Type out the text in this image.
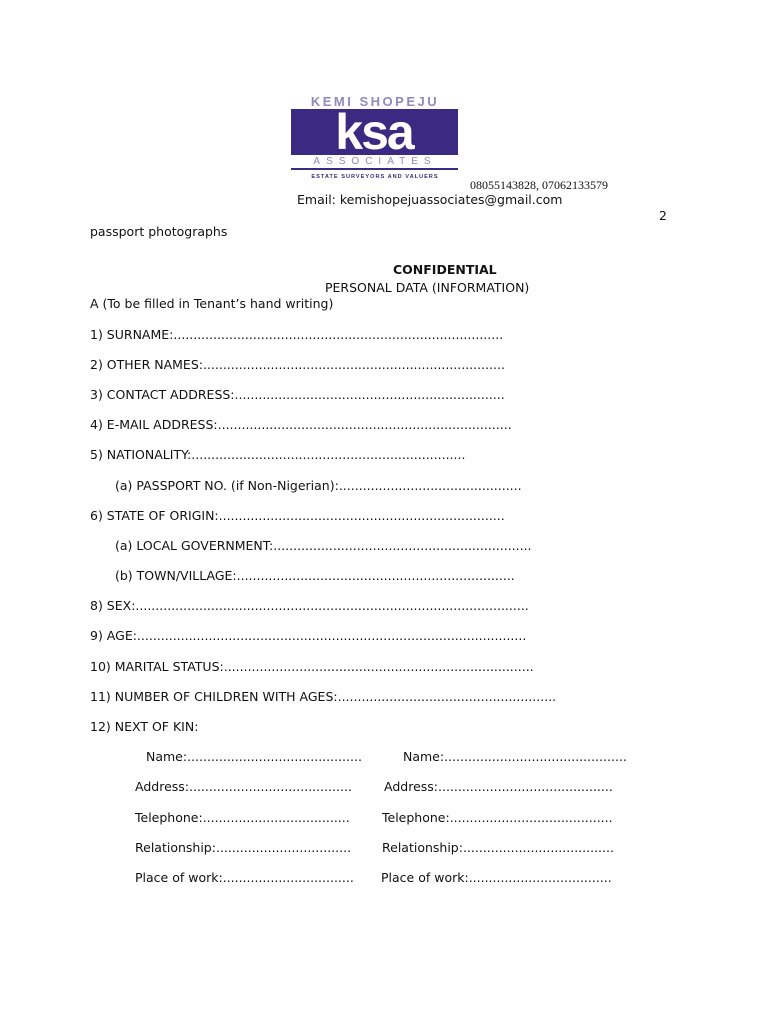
KEMI SHOPEJU
ksa
ASSOCIATES
ESTATE SURVEYORS AND VALUERS
08055143828, 07062133579
Email: kemishopejuassociates@gmail.com
2
passport photographs
CONFIDENTIAL
PERSONAL DATA (INFORMATION)
A (To be filled in Tenant’s hand writing)
1) SURNAME:...................................................................................
2) OTHER NAMES:............................................................................
3) CONTACT ADDRESS:....................................................................
4) E-MAIL ADDRESS:..........................................................................
5) NATIONALITY:.....................................................................
(a) PASSPORT NO. (if Non-Nigerian):..............................................
6) STATE OF ORIGIN:........................................................................
(a) LOCAL GOVERNMENT:.................................................................
(b) TOWN/VILLAGE:......................................................................
8) SEX:...................................................................................................
9) AGE:..................................................................................................
10) MARITAL STATUS:..............................................................................
11) NUMBER OF CHILDREN WITH AGES:.......................................................
12) NEXT OF KIN:
Name:............................................
Address:.........................................
Telephone:.....................................
Relationship:..................................
Place of work:.................................
Name:..............................................
Address:............................................
Telephone:.........................................
Relationship:......................................
Place of work:....................................
